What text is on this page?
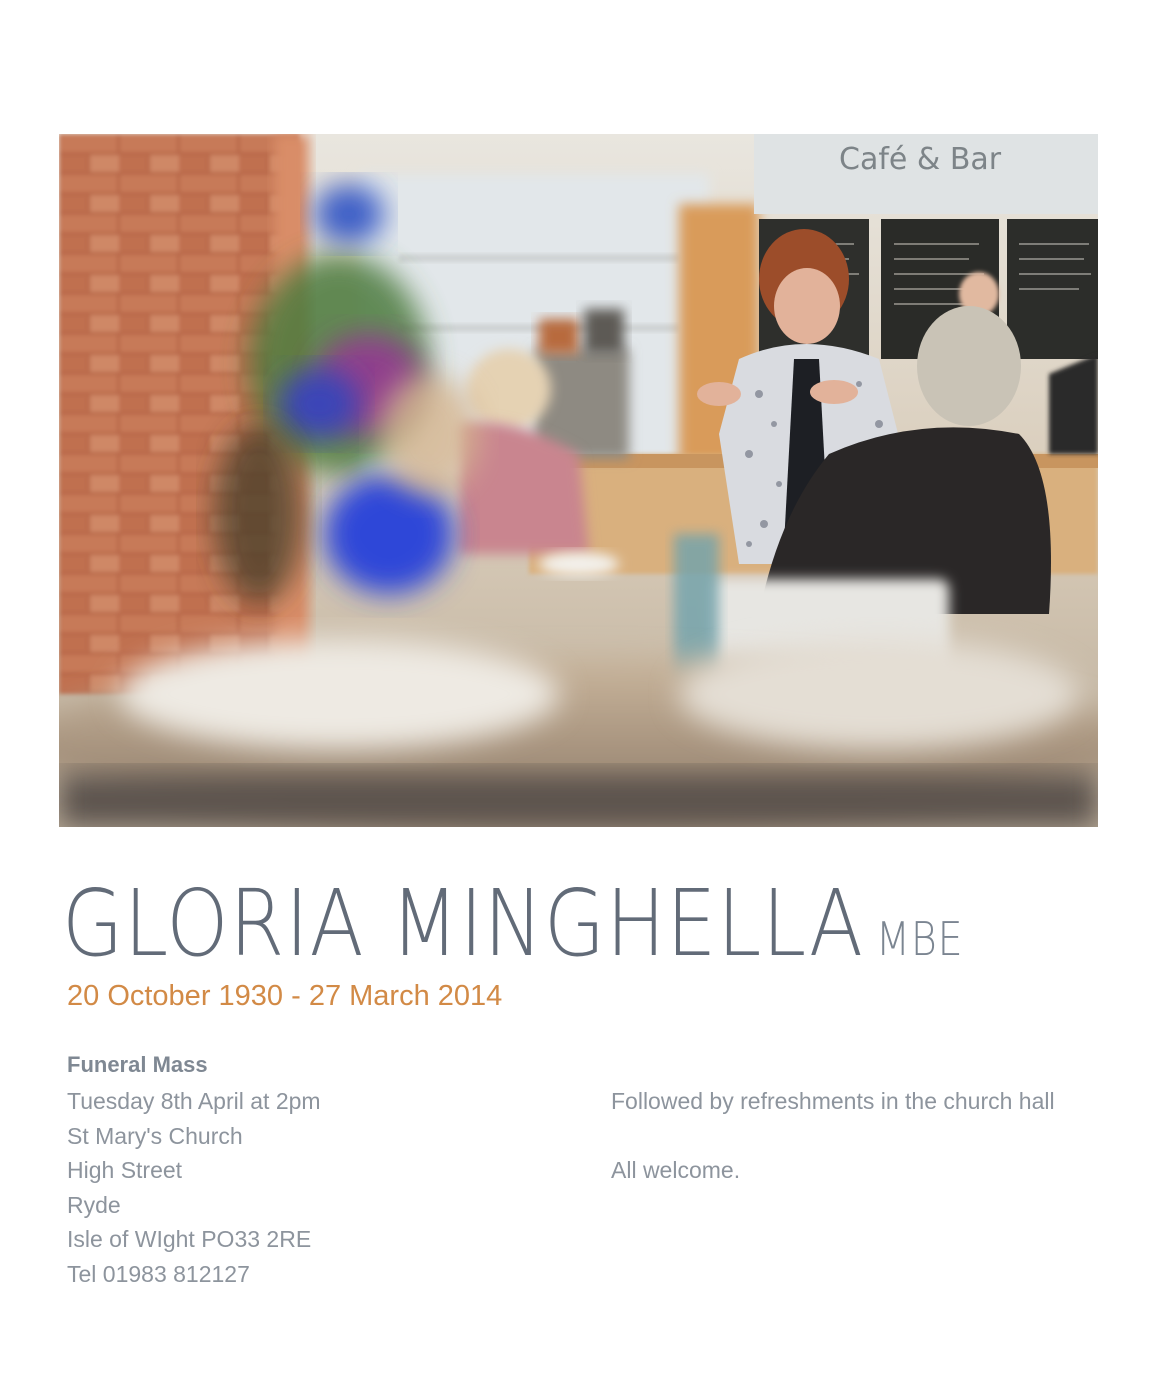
Café & Bar
GLORIA MINGHELLA MBE
20 October 1930 - 27 March 2014
Funeral Mass
Tuesday 8th April at 2pm
St Mary's Church
High Street
Ryde
Isle of WIght PO33 2RE
Tel 01983 812127
Followed by refreshments in the church hall
All welcome.
